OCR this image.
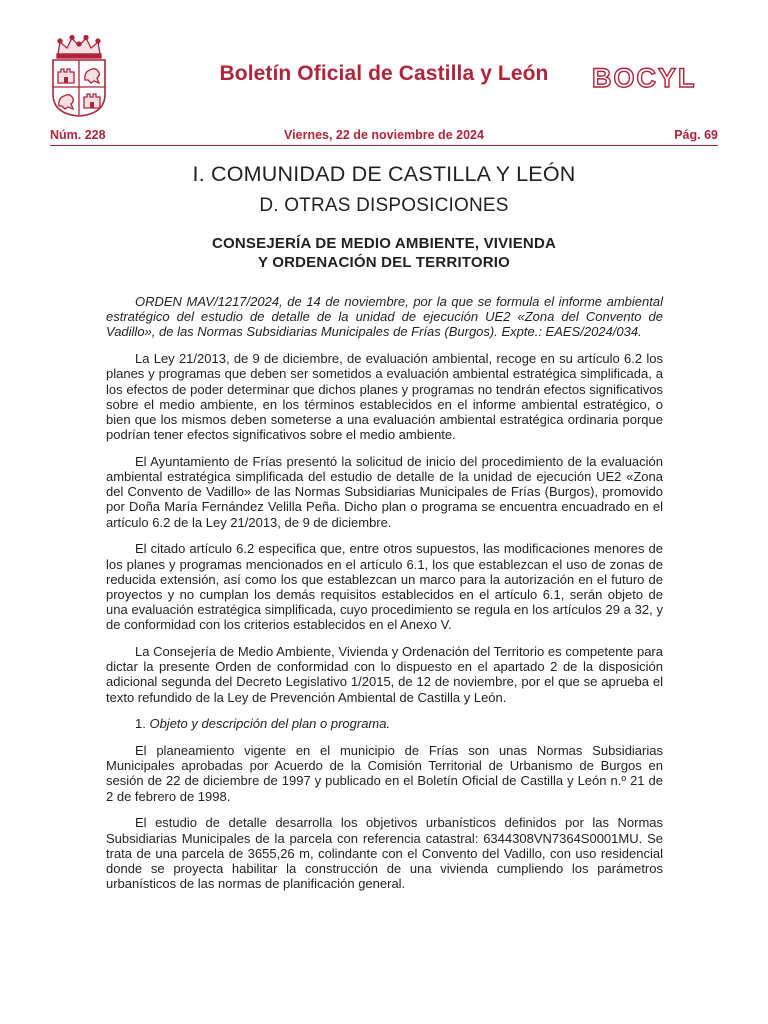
Boletín Oficial de Castilla y León	BOCYL
Núm. 228	Viernes, 22 de noviembre de 2024	Pág. 69
I. COMUNIDAD DE CASTILLA Y LEÓN
D. OTRAS DISPOSICIONES
CONSEJERÍA DE MEDIO AMBIENTE, VIVIENDA
Y ORDENACIÓN DEL TERRITORIO

ORDEN MAV/1217/2024, de 14 de noviembre, por la que se formula el informe ambiental estratégico del estudio de detalle de la unidad de ejecución UE2 «Zona del Convento de Vadillo», de las Normas Subsidiarias Municipales de Frías (Burgos). Expte.: EAES/2024/034.

La Ley 21/2013, de 9 de diciembre, de evaluación ambiental, recoge en su artículo 6.2 los planes y programas que deben ser sometidos a evaluación ambiental estratégica simplificada, a los efectos de poder determinar que dichos planes y programas no tendrán efectos significativos sobre el medio ambiente, en los términos establecidos en el informe ambiental estratégico, o bien que los mismos deben someterse a una evaluación ambiental estratégica ordinaria porque podrían tener efectos significativos sobre el medio ambiente.

El Ayuntamiento de Frías presentó la solicitud de inicio del procedimiento de la evaluación ambiental estratégica simplificada del estudio de detalle de la unidad de ejecución UE2 «Zona del Convento de Vadillo» de las Normas Subsidiarias Municipales de Frías (Burgos), promovido por Doña María Fernández Velilla Peña. Dicho plan o programa se encuentra encuadrado en el artículo 6.2 de la Ley 21/2013, de 9 de diciembre.

El citado artículo 6.2 especifica que, entre otros supuestos, las modificaciones menores de los planes y programas mencionados en el artículo 6.1, los que establezcan el uso de zonas de reducida extensión, así como los que establezcan un marco para la autorización en el futuro de proyectos y no cumplan los demás requisitos establecidos en el artículo 6.1, serán objeto de una evaluación estratégica simplificada, cuyo procedimiento se regula en los artículos 29 a 32, y de conformidad con los criterios establecidos en el Anexo V.

La Consejería de Medio Ambiente, Vivienda y Ordenación del Territorio es competente para dictar la presente Orden de conformidad con lo dispuesto en el apartado 2 de la disposición adicional segunda del Decreto Legislativo 1/2015, de 12 de noviembre, por el que se aprueba el texto refundido de la Ley de Prevención Ambiental de Castilla y León.

1. Objeto y descripción del plan o programa.

El planeamiento vigente en el municipio de Frías son unas Normas Subsidiarias Municipales aprobadas por Acuerdo de la Comisión Territorial de Urbanismo de Burgos en sesión de 22 de diciembre de 1997 y publicado en el Boletín Oficial de Castilla y León n.º 21 de 2 de febrero de 1998.

El estudio de detalle desarrolla los objetivos urbanísticos definidos por las Normas Subsidiarias Municipales de la parcela con referencia catastral: 6344308VN7364S0001MU. Se trata de una parcela de 3655,26 m, colindante con el Convento del Vadillo, con uso residencial donde se proyecta habilitar la construcción de una vivienda cumpliendo los parámetros urbanísticos de las normas de planificación general.
